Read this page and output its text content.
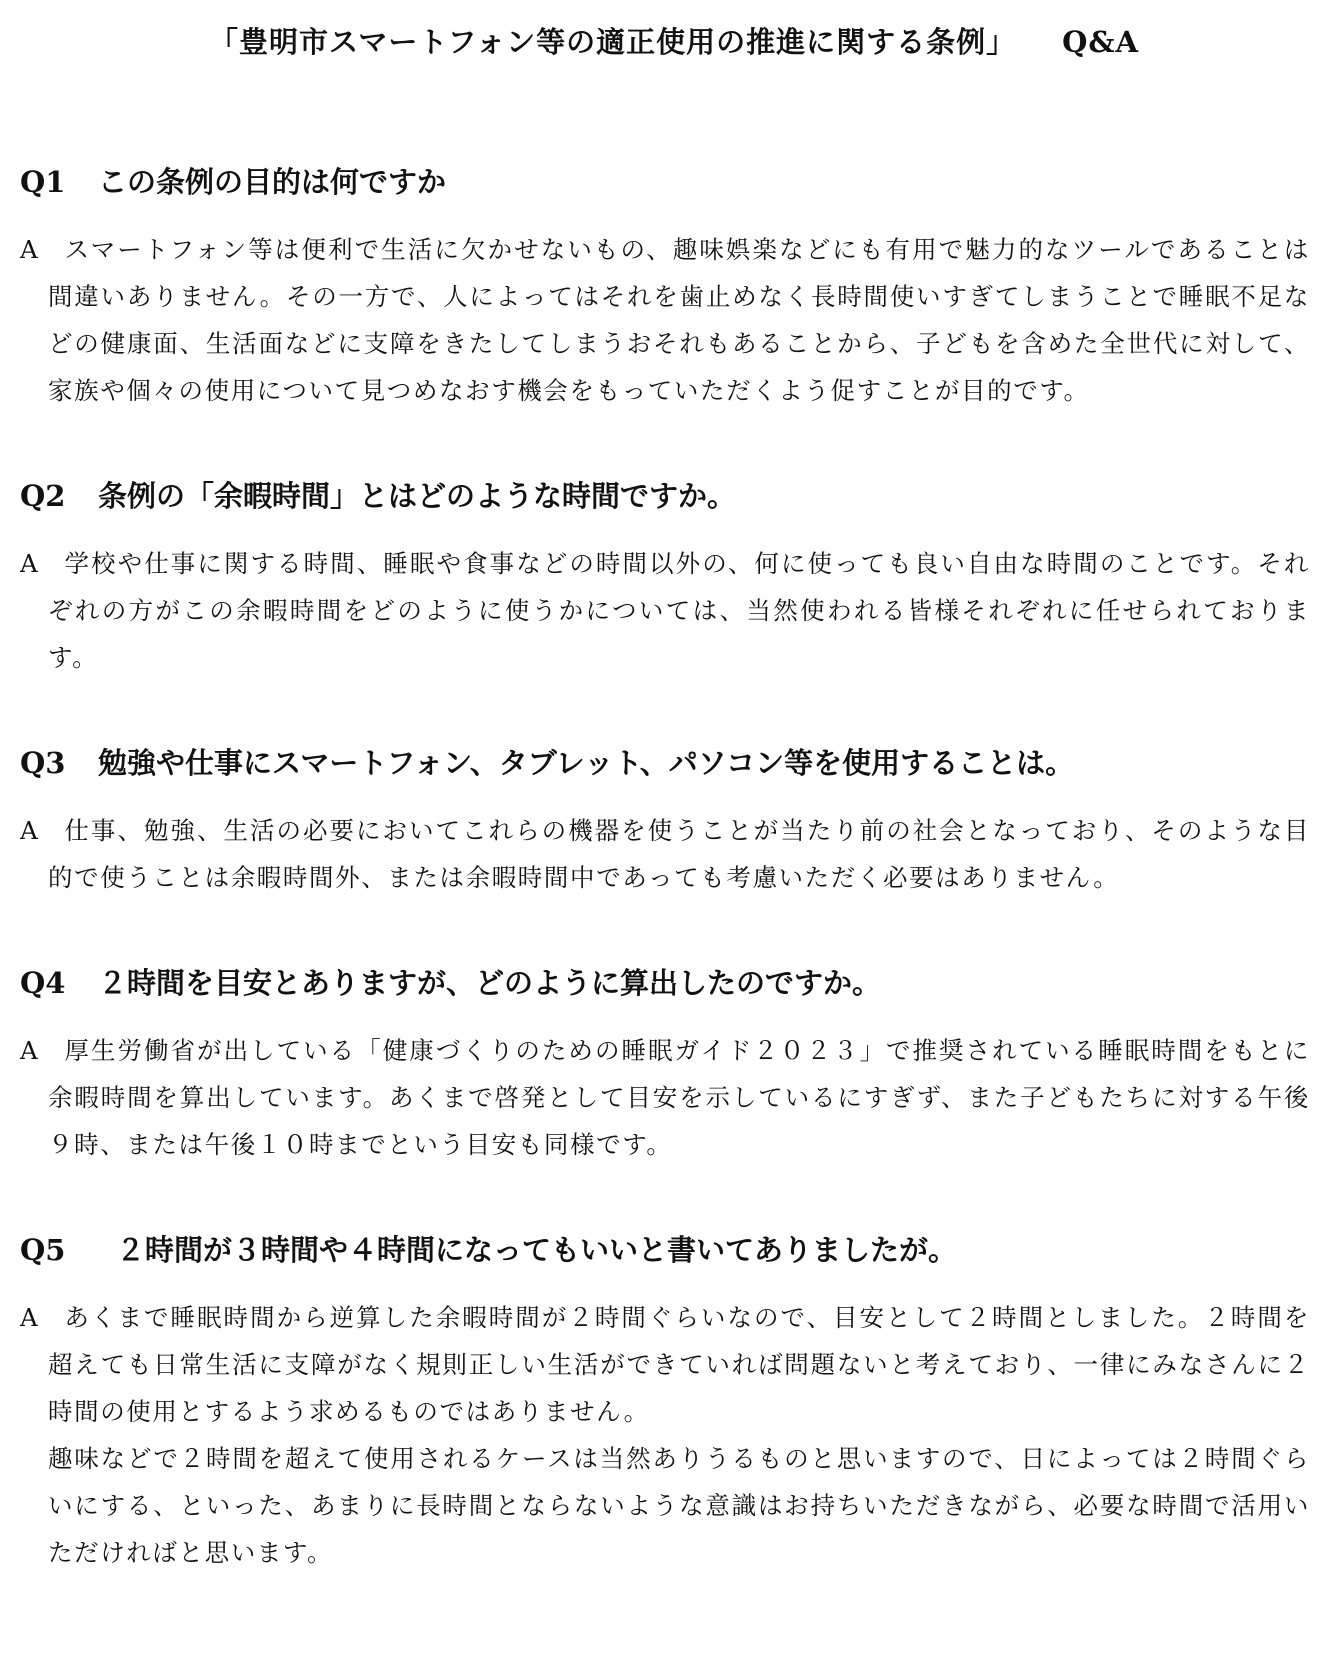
「豊明市スマートフォン等の適正使用の推進に関する条例」 Q&A
Q1	この条例の目的は何ですか

A スマートフォン等は便利で生活に欠かせないもの、趣味娯楽などにも有用で魅力的なツールであることは間違いありません。その一方で、人によってはそれを歯止めなく長時間使いすぎてしまうことで睡眠不足などの健康面、生活面などに支障をきたしてしまうおそれもあることから、子どもを含めた全世代に対して、家族や個々の使用について見つめなおす機会をもっていただくよう促すことが目的です。

Q2	条例の「余暇時間」とはどのような時間ですか。

A 学校や仕事に関する時間、睡眠や食事などの時間以外の、何に使っても良い自由な時間のことです。それぞれの方がこの余暇時間をどのように使うかについては、当然使われる皆様それぞれに任せられております。

Q3	勉強や仕事にスマートフォン、タブレット、パソコン等を使用することは。

A 仕事、勉強、生活の必要においてこれらの機器を使うことが当たり前の社会となっており、そのような目的で使うことは余暇時間外、または余暇時間中であっても考慮いただく必要はありません。

Q4	２時間を目安とありますが、どのように算出したのですか。

A 厚生労働省が出している「健康づくりのための睡眠ガイド２０２３」で推奨されている睡眠時間をもとに余暇時間を算出しています。あくまで啓発として目安を示しているにすぎず、また子どもたちに対する午後９時、または午後１０時までという目安も同様です。

Q5	２時間が３時間や４時間になってもいいと書いてありましたが。

A あくまで睡眠時間から逆算した余暇時間が２時間ぐらいなので、目安として２時間としました。２時間を超えても日常生活に支障がなく規則正しい生活ができていれば問題ないと考えており、一律にみなさんに２時間の使用とするよう求めるものではありません。

趣味などで２時間を超えて使用されるケースは当然ありうるものと思いますので、日によっては２時間ぐらいにする、といった、あまりに長時間とならないような意識はお持ちいただきながら、必要な時間で活用いただければと思います。
